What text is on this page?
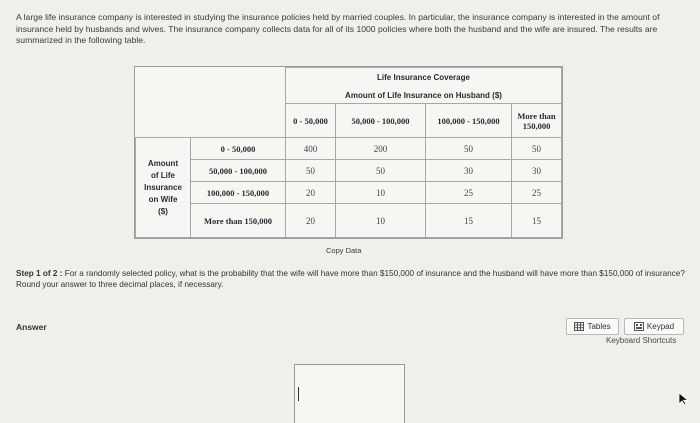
A large life insurance company is interested in studying the insurance policies held by married couples. In particular, the insurance company is interested in the amount of insurance held by husbands and wives. The insurance company collects data for all of its 1000 policies where both the husband and the wife are insured. The results are summarized in the following table.

		Life Insurance Coverage			
		Amount of Life Insurance on Husband ($)			
		0 - 50,000	50,000 - 100,000	100,000 - 150,000	More than 150,000

Amount
of Life
Insurance
on Wife
($)	0 - 50,000	400	200	50	50
	50,000 - 100,000	50	50	30	30
	100,000 - 150,000	20	10	25	25
	More than 150,000	20	10	15	15
Copy Data

Step 1 of 2 : For a randomly selected policy, what is the probability that the wife will have more than $150,000 of insurance and the husband will have more than $150,000 of insurance? Round your answer to three decimal places, if necessary.

Answer	Tables	Keypad
Keyboard Shortcuts
